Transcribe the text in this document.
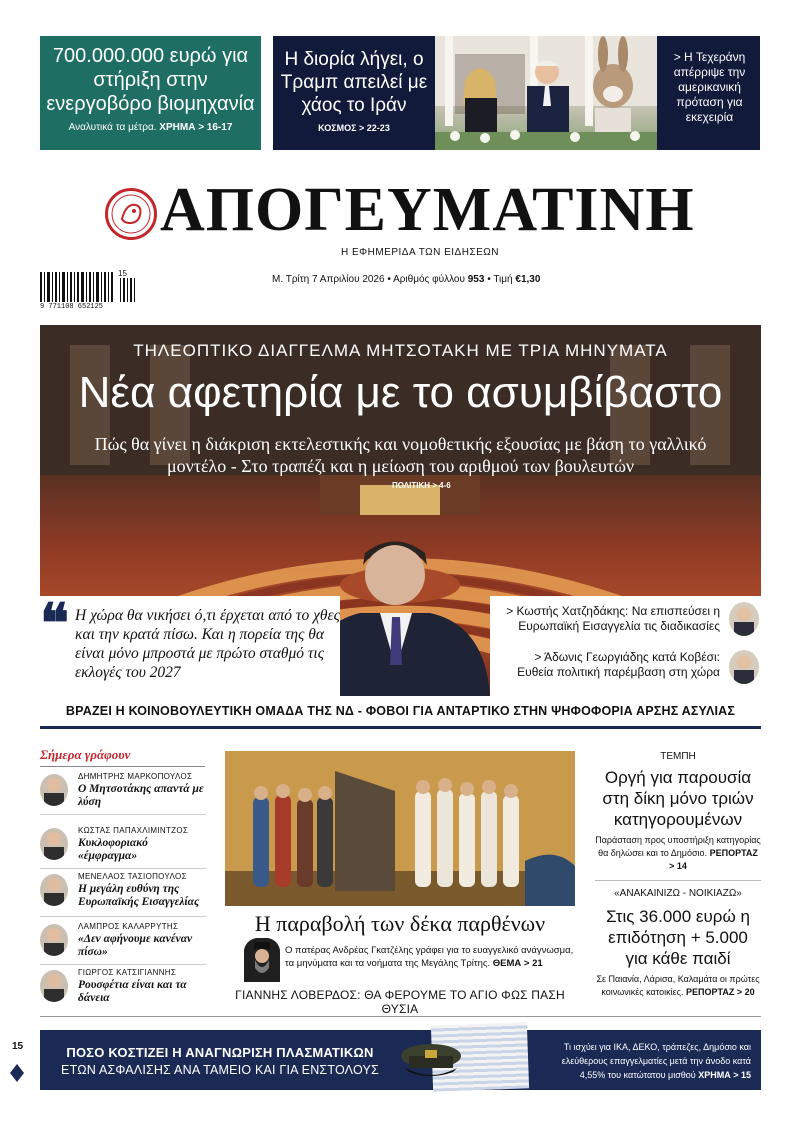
700.000.000 ευρώ για στήριξη στην ενεργοβόρο βιομηχανία
Αναλυτικά τα μέτρα. ΧΡΗΜΑ > 16-17
Η διορία λήγει, ο Τραμπ απειλεί με χάος το Ιράν
ΚΟΣΜΟΣ > 22-23
> Η Τεχεράνη απέρριψε την αμερικανική πρόταση για εκεχειρία
ΑΠΟΓΕΥΜΑΤΙΝΗ
Η ΕΦΗΜΕΡΙΔΑ ΤΩΝ ΕΙΔΗΣΕΩΝ
9 771108 652125
15
Μ. Τρίτη 7 Απριλίου 2026 • Αριθμός φύλλου 953 • Τιμή €1,30
ΤΗΛΕΟΠΤΙΚΟ ΔΙΑΓΓΕΛΜΑ ΜΗΤΣΟΤΑΚΗ ΜΕ ΤΡΙΑ ΜΗΝΥΜΑΤΑ
Νέα αφετηρία με το ασυμβίβαστο
Πώς θα γίνει η διάκριση εκτελεστικής και νομοθετικής εξουσίας με βάση το γαλλικό μοντέλο - Στο τραπέζι και η μείωση του αριθμού των βουλευτών
ΠΟΛΙΤΙΚΗ > 4-6
Η χώρα θα νικήσει ό,τι έρχεται από το χθες και την κρατά πίσω. Και η πορεία της θα είναι μόνο μπροστά με πρώτο σταθμό τις εκλογές του 2027
❝	> Κωστής Χατζηδάκης: Να επισπεύσει η Ευρωπαϊκή Εισαγγελία τις διαδικασίες
> Άδωνις Γεωργιάδης κατά Κοβέσι: Ευθεία πολιτική παρέμβαση στη χώρα
ΒΡΑΖΕΙ Η ΚΟΙΝΟΒΟΥΛΕΥΤΙΚΗ ΟΜΑΔΑ ΤΗΣ ΝΔ - ΦΟΒΟΙ ΓΙΑ ΑΝΤΑΡΤΙΚΟ ΣΤΗΝ ΨΗΦΟΦΟΡΙΑ ΑΡΣΗΣ ΑΣΥΛΙΑΣ
Σήμερα γράφουν
ΔΗΜΗΤΡΗΣ ΜΑΡΚΟΠΟΥΛΟΣ
Ο Μητσοτάκης απαντά με λύση
ΚΩΣΤΑΣ ΠΑΠΑΧΛΙΜΙΝΤΖΟΣ
Κυκλοφοριακό «έμφραγμα»
ΜΕΝΕΛΑΟΣ ΤΑΣΙΟΠΟΥΛΟΣ
Η μεγάλη ευθύνη της Ευρωπαϊκής Εισαγγελίας
ΛΑΜΠΡΟΣ ΚΑΛΑΡΡΥΤΗΣ
«Δεν αφήνουμε κανέναν πίσω»
ΓΙΩΡΓΟΣ ΚΑΤΣΙΓΙΑΝΝΗΣ
Ρουσφέτια είναι και τα δάνεια
Η παραβολή των δέκα παρθένων
Ο πατέρας Ανδρέας Γκατζέλης γράφει για το ευαγγελικό ανάγνωσμα, τα μηνύματα και τα νοήματα της Μεγάλης Τρίτης. ΘΕΜΑ > 21
ΓΙΑΝΝΗΣ ΛΟΒΕΡΔΟΣ: ΘΑ ΦΕΡΟΥΜΕ ΤΟ ΑΓΙΟ ΦΩΣ ΠΑΣΗ ΘΥΣΙΑ
ΤΕΜΠΗ
Οργή για παρουσία στη δίκη μόνο τριών κατηγορουμένων
Παράσταση προς υποστήριξη κατηγορίας θα δηλώσει και το Δημόσιο. ΡΕΠΟΡΤΑΖ > 14
«ΑΝΑΚΑΙΝΙΖΩ - ΝΟΙΚΙΑΖΩ»
Στις 36.000 ευρώ η επιδότηση + 5.000 για κάθε παιδί
Σε Παιανία, Λάρισα, Καλαμάτα οι πρώτες κοινωνικές κατοικίες. ΡΕΠΟΡΤΑΖ > 20
ΠΟΣΟ ΚΟΣΤΙΖΕΙ Η ΑΝΑΓΝΩΡΙΣΗ ΠΛΑΣΜΑΤΙΚΩΝ
ΕΤΩΝ ΑΣΦΑΛΙΣΗΣ ΑΝΑ ΤΑΜΕΙΟ ΚΑΙ ΓΙΑ ΕΝΣΤΟΛΟΥΣ
Τι ισχύει για ΙΚΑ, ΔΕΚΟ, τράπεζες, Δημόσιο και ελεύθερους επαγγελματίες μετά την άνοδο κατά 4,55% του κατώτατου μισθού ΧΡΗΜΑ > 15
15
